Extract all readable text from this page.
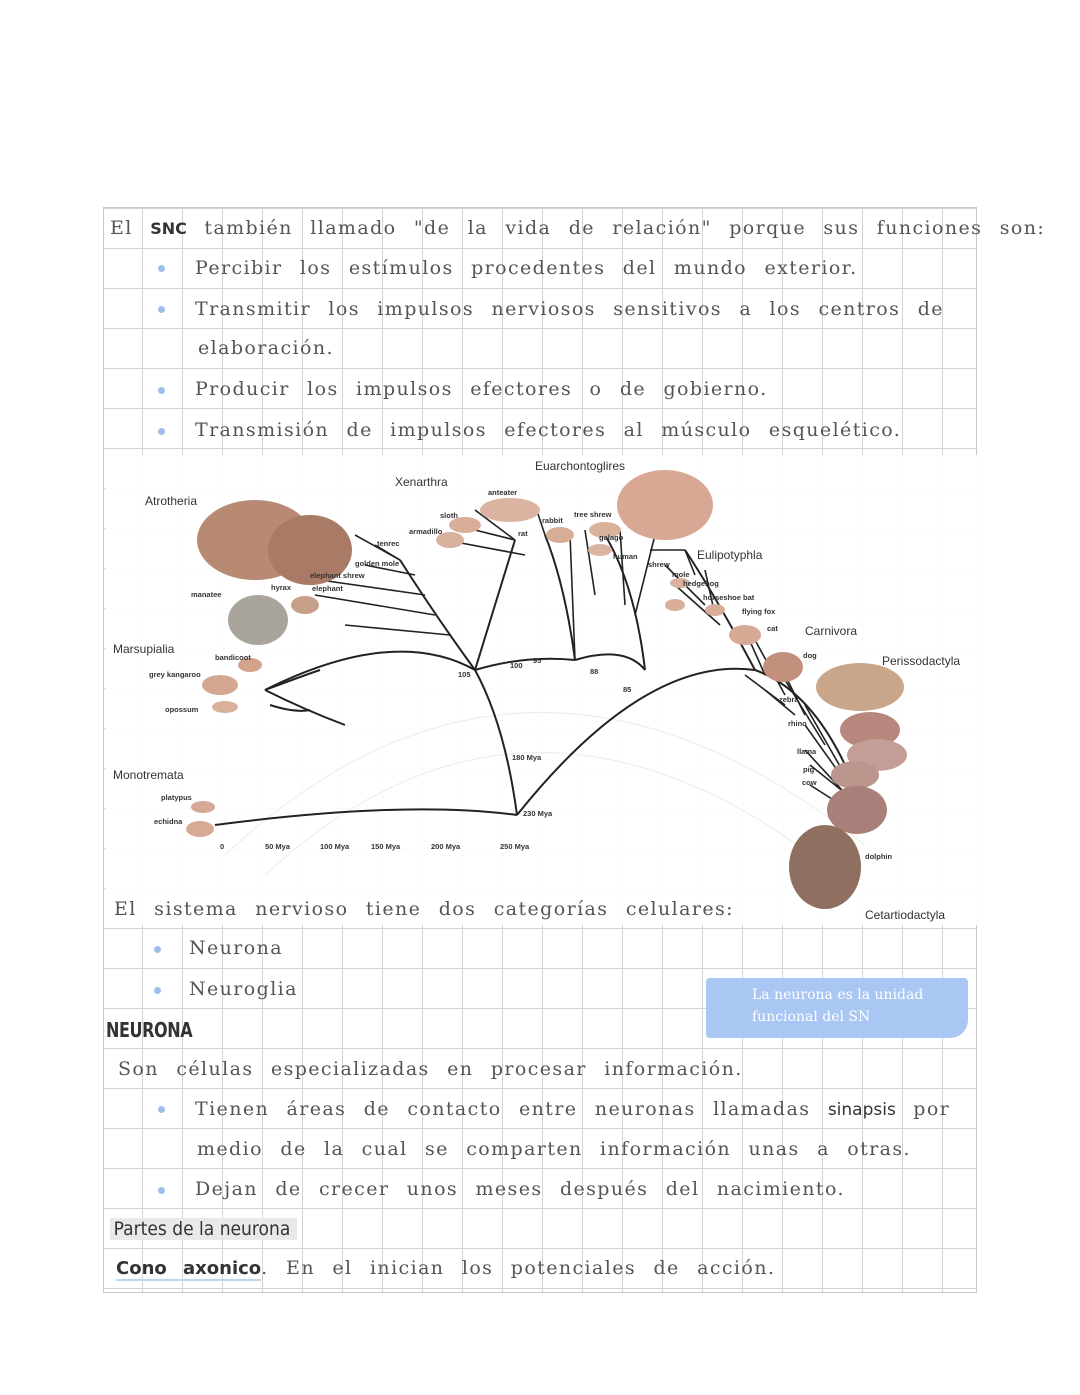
El SNC también llamado "de la vida de relación" porque sus funciones son:
Percibir los estímulos procedentes del mundo exterior.
Transmitir los impulsos nerviosos sensitivos a los centros de
elaboración.
Producir los impulsos efectores o de gobierno.
Transmisión de impulsos efectores al músculo esquelético.
Atrotheria
Xenarthra
Euarchontoglires
Eulipotyphla
Carnivora
Perissodactyla
Marsupialia
Monotremata
Cetartiodactyla
anteater
sloth
armadillo
tenrec
golden mole
elephant shrew
elephant
hyrax
manatee
rabbit
rat
tree shrew
galago
human
shrew
mole
hedgehog
horseshoe bat
flying fox
cat
dog
zebra
rhino
llama
pig
cow
dolphin
bandicoot
grey kangaroo
opossum
platypus
echidna
105
100
95
88
85
180 Mya
230 Mya
0	50 Mya	100 Mya	150 Mya	200 Mya	250 Mya
El sistema nervioso tiene dos categorías celulares:
Neurona
Neuroglia	La neurona es la unidad funcional del SN
NEURONA
Son células especializadas en procesar información.
Tienen áreas de contacto entre neuronas llamadas sinapsis por
medio de la cual se comparten información unas a otras.
Dejan de crecer unos meses después del nacimiento.
Partes de la neurona
Cono axonico. En el inician los potenciales de acción.
